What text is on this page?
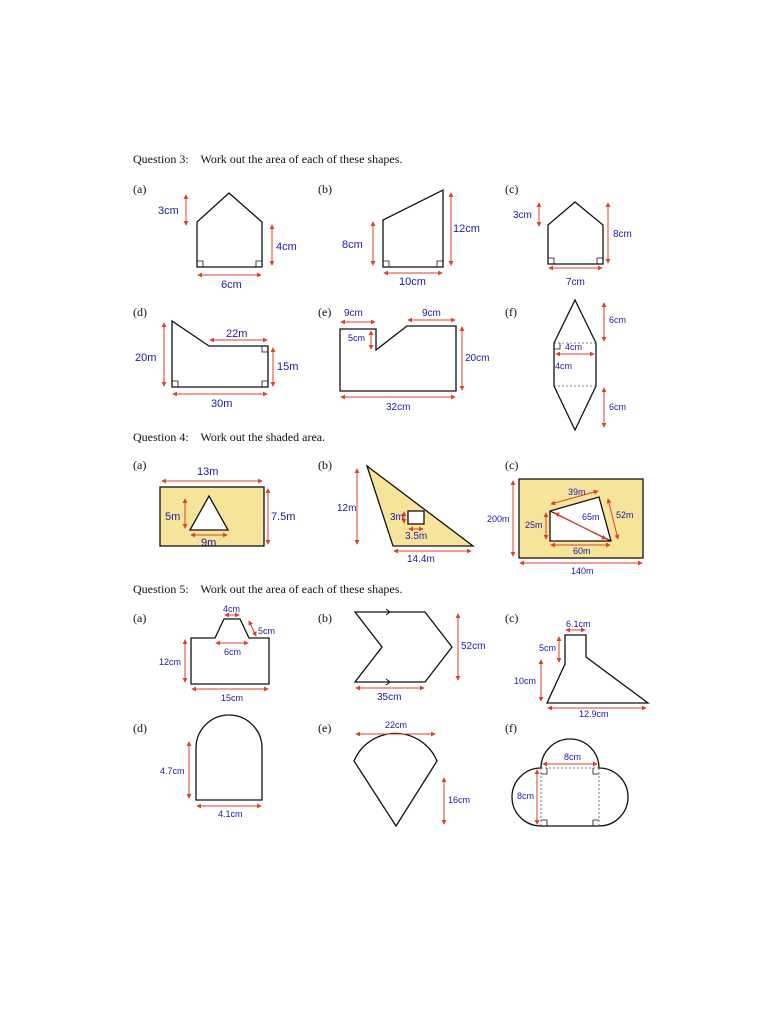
Question 3:    Work out the area of each of these shapes.
Question 4:    Work out the shaded area.
Question 5:    Work out the area of each of these shapes.
(a)	(b)	(c)
(d)	(e)	(f)
(a)	(b)	(c)
(a)	(b)	(c)
(d)	(e)	(f)
3cm
4cm
6cm
12cm
8cm
10cm
3cm
8cm
7cm
22m
20m
15m
30m
9cm	9cm
5cm
20cm
32cm
6cm
4cm
4cm
6cm
13m
5m	7.5m
9m
12m
3m
3.5m
14.4m
39m
200m
25m
65m 52m
60m
140m
4cm
5cm
6cm
12cm
15cm
52cm
35cm
6.1cm
5cm
10cm
12.9cm
4.7cm
4.1cm
22cm
16cm
8cm
8cm
